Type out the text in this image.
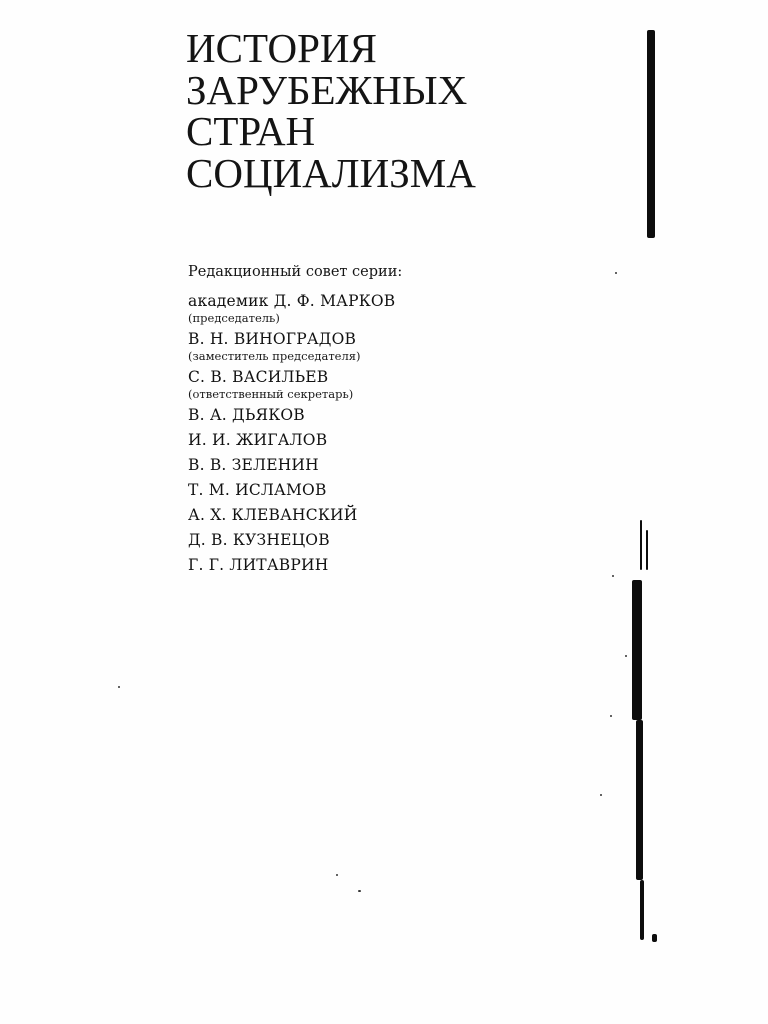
ИСТОРИЯ
ЗАРУБЕЖНЫХ
СТРАН
СОЦИАЛИЗМА
Редакционный совет серии:
академик Д. Ф. МАРКОВ
(председатель)
В. Н. ВИНОГРАДОВ
(заместитель председателя)
С. В. ВАСИЛЬЕВ
(ответственный секретарь)
В. А. ДЬЯКОВ
И. И. ЖИГАЛОВ
В. В. ЗЕЛЕНИН
Т. М. ИСЛАМОВ
А. Х. КЛЕВАНСКИЙ
Д. В. КУЗНЕЦОВ
Г. Г. ЛИТАВРИН
